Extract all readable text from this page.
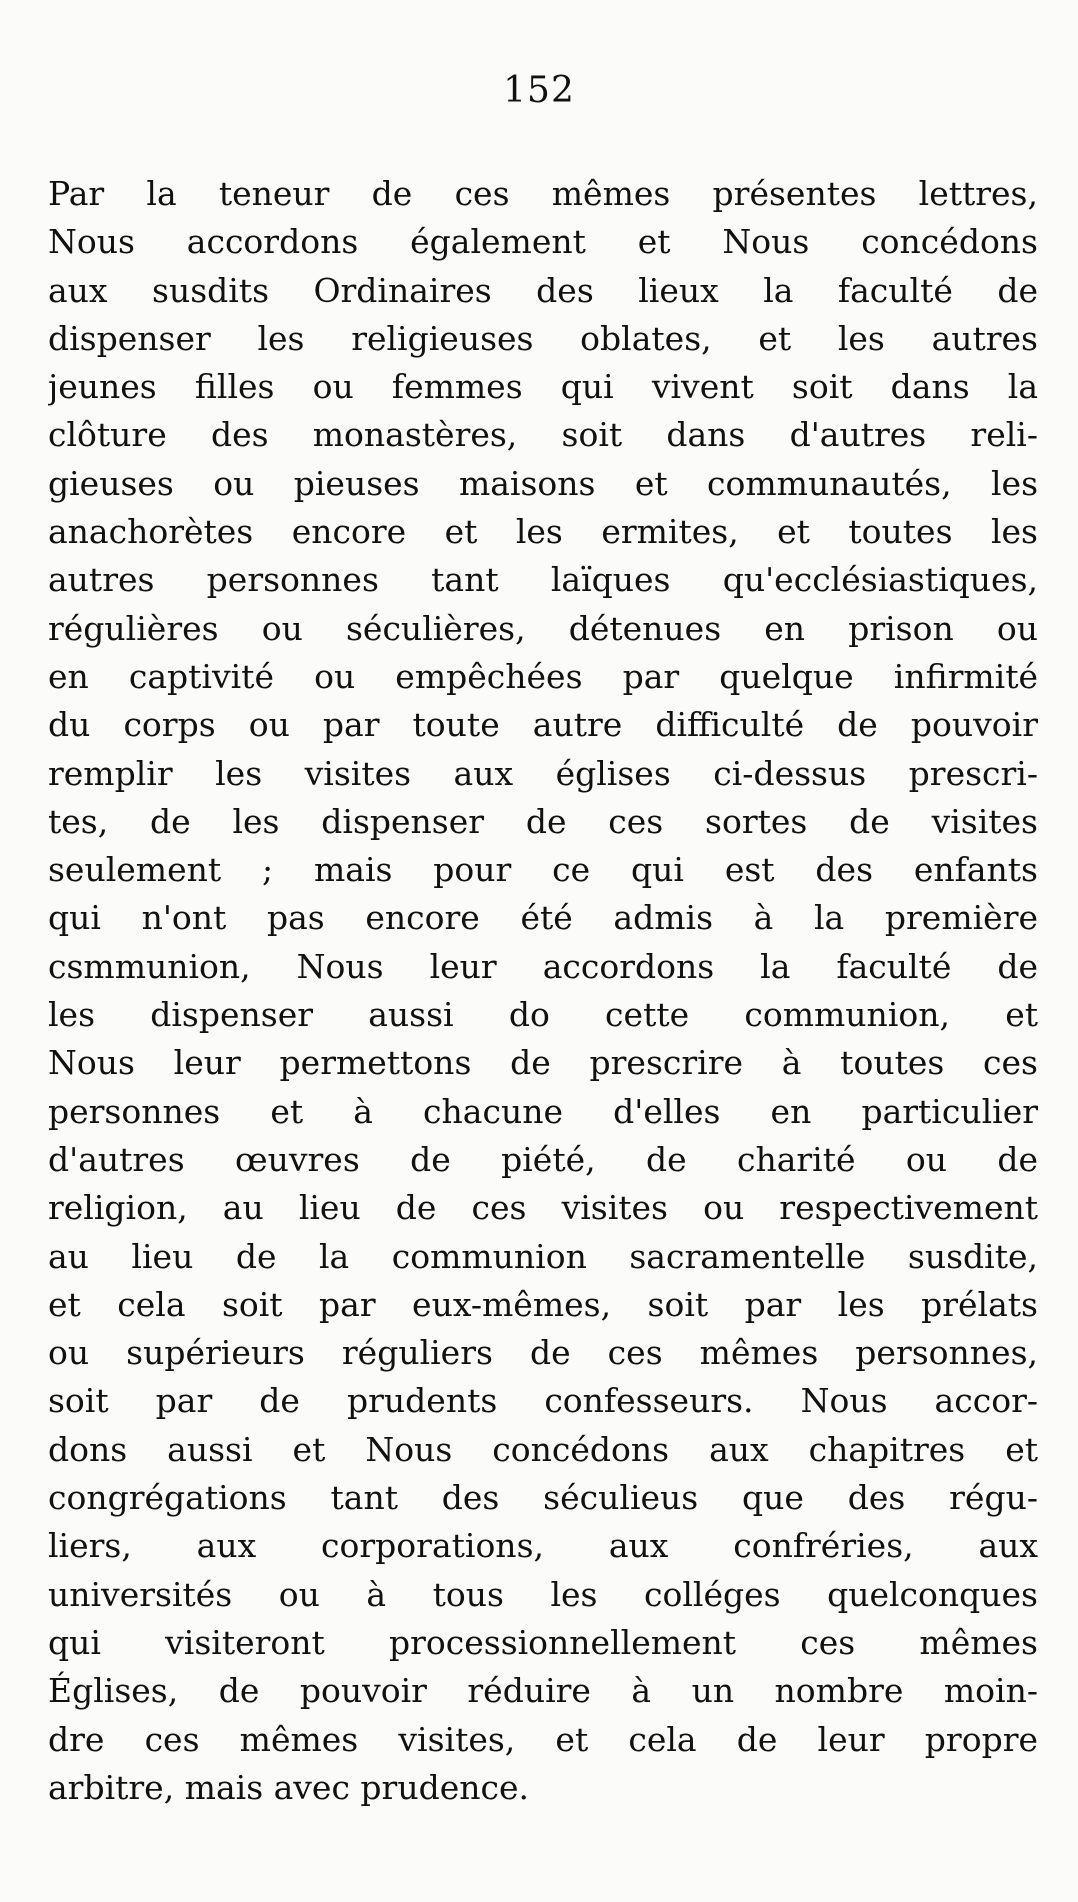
152
Par la teneur de ces mêmes présentes lettres,
Nous accordons également et Nous concédons
aux susdits Ordinaires des lieux la faculté de
dispenser les religieuses oblates, et les autres
jeunes filles ou femmes qui vivent soit dans la
clôture des monastères, soit dans d'autres reli-
gieuses ou pieuses maisons et communautés, les
anachorètes encore et les ermites, et toutes les
autres personnes tant laïques qu'ecclésiastiques,
régulières ou séculières, détenues en prison ou
en captivité ou empêchées par quelque infirmité
du corps ou par toute autre difficulté de pouvoir
remplir les visites aux églises ci-dessus prescri-
tes, de les dispenser de ces sortes de visites
seulement ; mais pour ce qui est des enfants
qui n'ont pas encore été admis à la première
csmmunion, Nous leur accordons la faculté de
les dispenser aussi do cette communion, et
Nous leur permettons de prescrire à toutes ces
personnes et à chacune d'elles en particulier
d'autres œuvres de piété, de charité ou de
religion, au lieu de ces visites ou respectivement
au lieu de la communion sacramentelle susdite,
et cela soit par eux-mêmes, soit par les prélats
ou supérieurs réguliers de ces mêmes personnes,
soit par de prudents confesseurs. Nous accor-
dons aussi et Nous concédons aux chapitres et
congrégations tant des séculieus que des régu-
liers, aux corporations, aux confréries, aux
universités ou à tous les colléges quelconques
qui visiteront processionnellement ces mêmes
Églises, de pouvoir réduire à un nombre moin-
dre ces mêmes visites, et cela de leur propre
arbitre, mais avec prudence.
